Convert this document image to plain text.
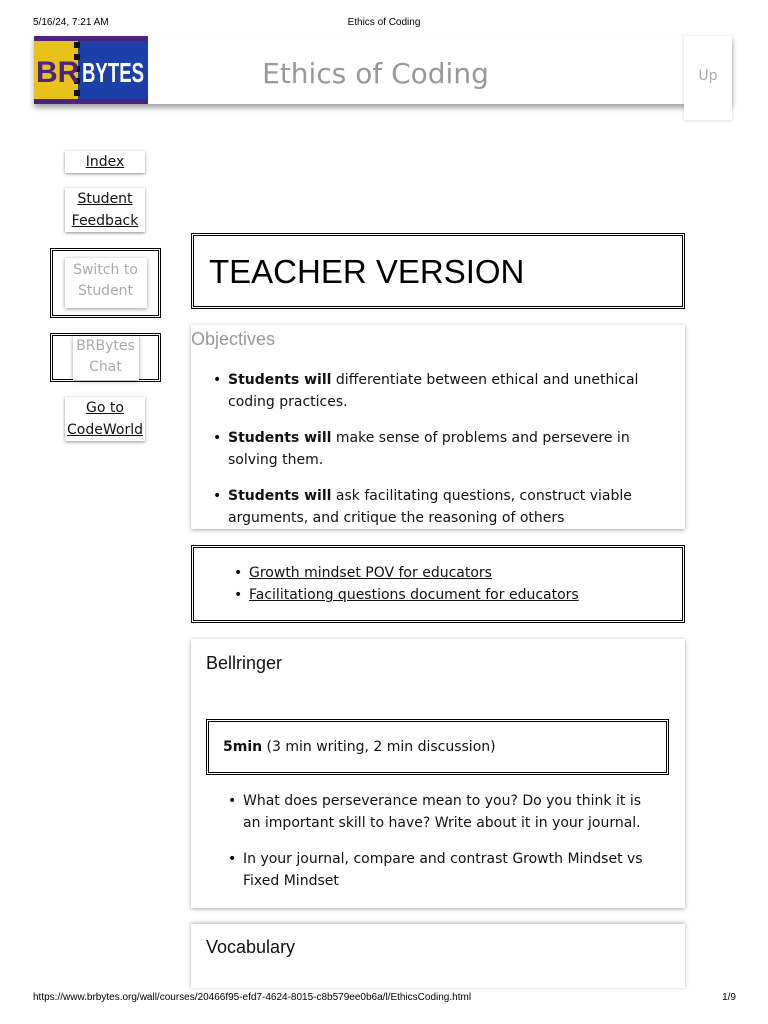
5/16/24, 7:21 AM	Ethics of Coding
BR BYTES	Ethics of Coding	Up
Index
Student
Feedback
Switch to
Student
BRBytes
Chat
Go to
CodeWorld
TEACHER VERSION
Objectives
• Students will differentiate between ethical and unethical
coding practices.
• Students will make sense of problems and persevere in
solving them.
• Students will ask facilitating questions, construct viable
arguments, and critique the reasoning of others
• Growth mindset POV for educators
• Facilitationg questions document for educators
Bellringer
5min (3 min writing, 2 min discussion)
• What does perseverance mean to you? Do you think it is
an important skill to have? Write about it in your journal.
• In your journal, compare and contrast Growth Mindset vs
Fixed Mindset
Vocabulary
https://www.brbytes.org/wall/courses/20466f95-efd7-4624-8015-c8b579ee0b6a/l/EthicsCoding.html	1/9
